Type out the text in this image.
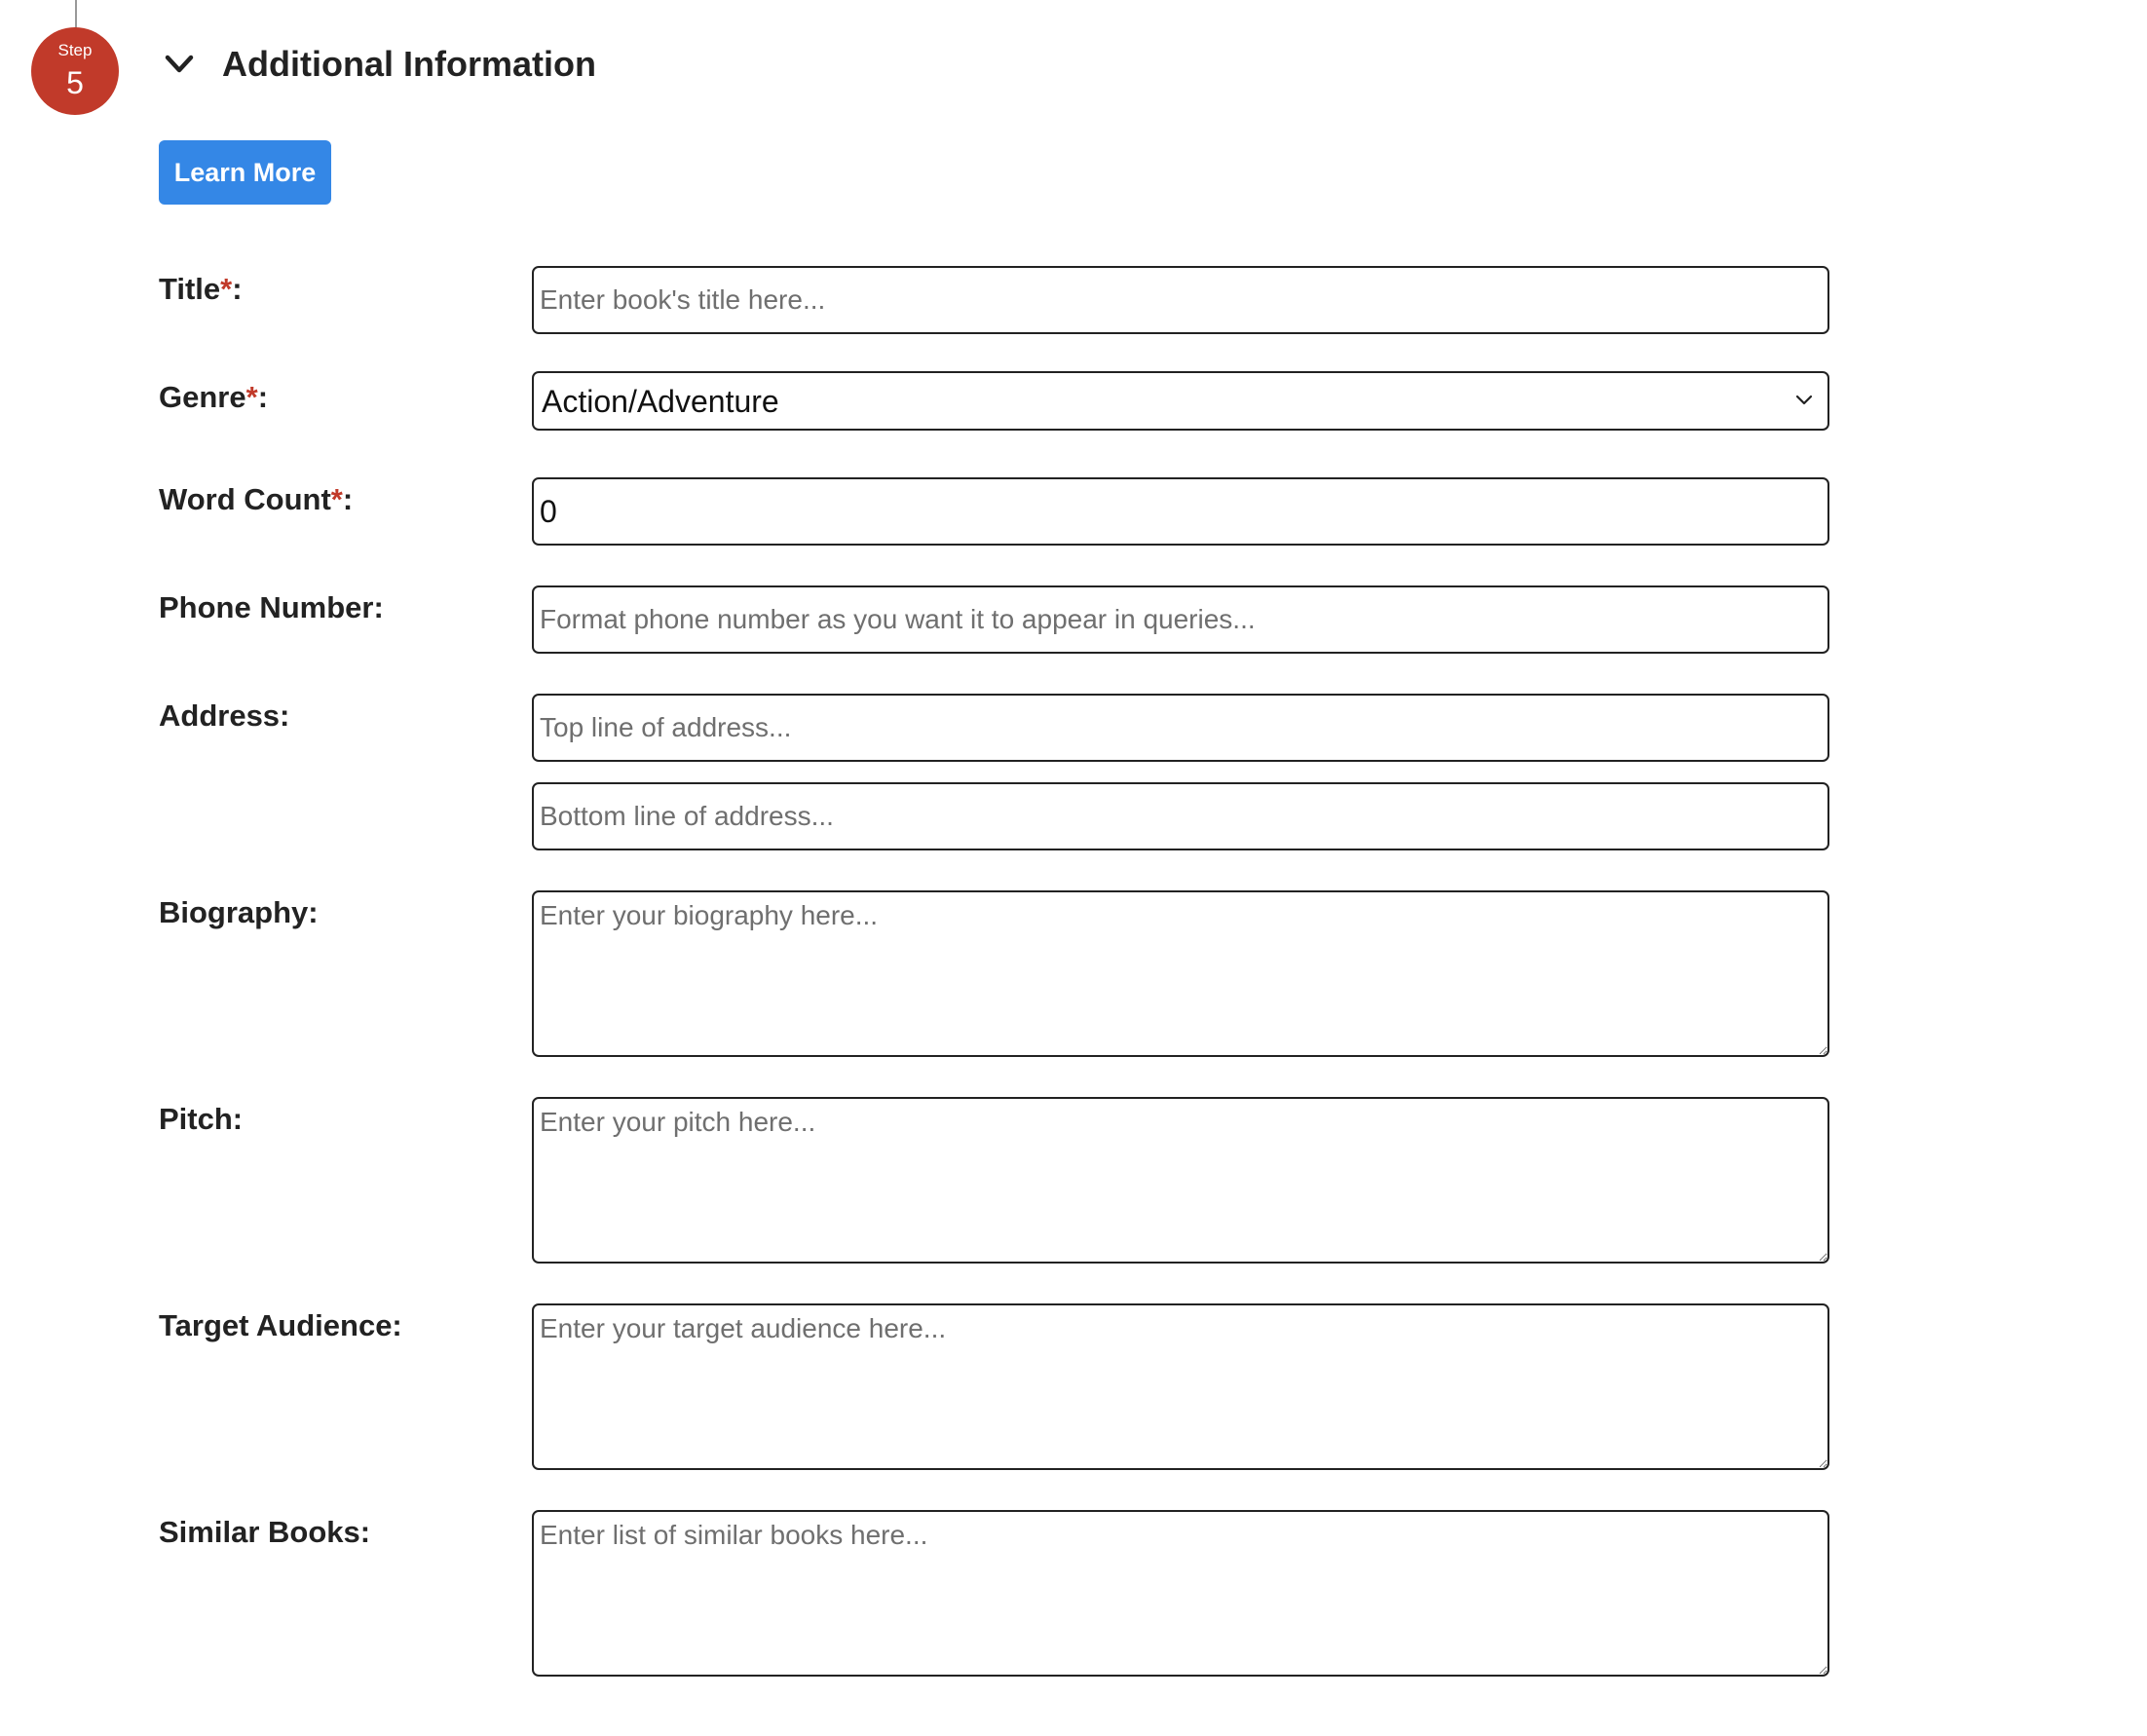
Step
5	Additional Information
Learn More
Title*:
Enter book's title here...
Genre*:	Action/Adventure
Word Count*:
0
Phone Number:
Format phone number as you want it to appear in queries...
Address:
Top line of address...
Bottom line of address...
Biography:
Enter your biography here...
Pitch:
Enter your pitch here...
Target Audience:
Enter your target audience here...
Similar Books:
Enter list of similar books here...
